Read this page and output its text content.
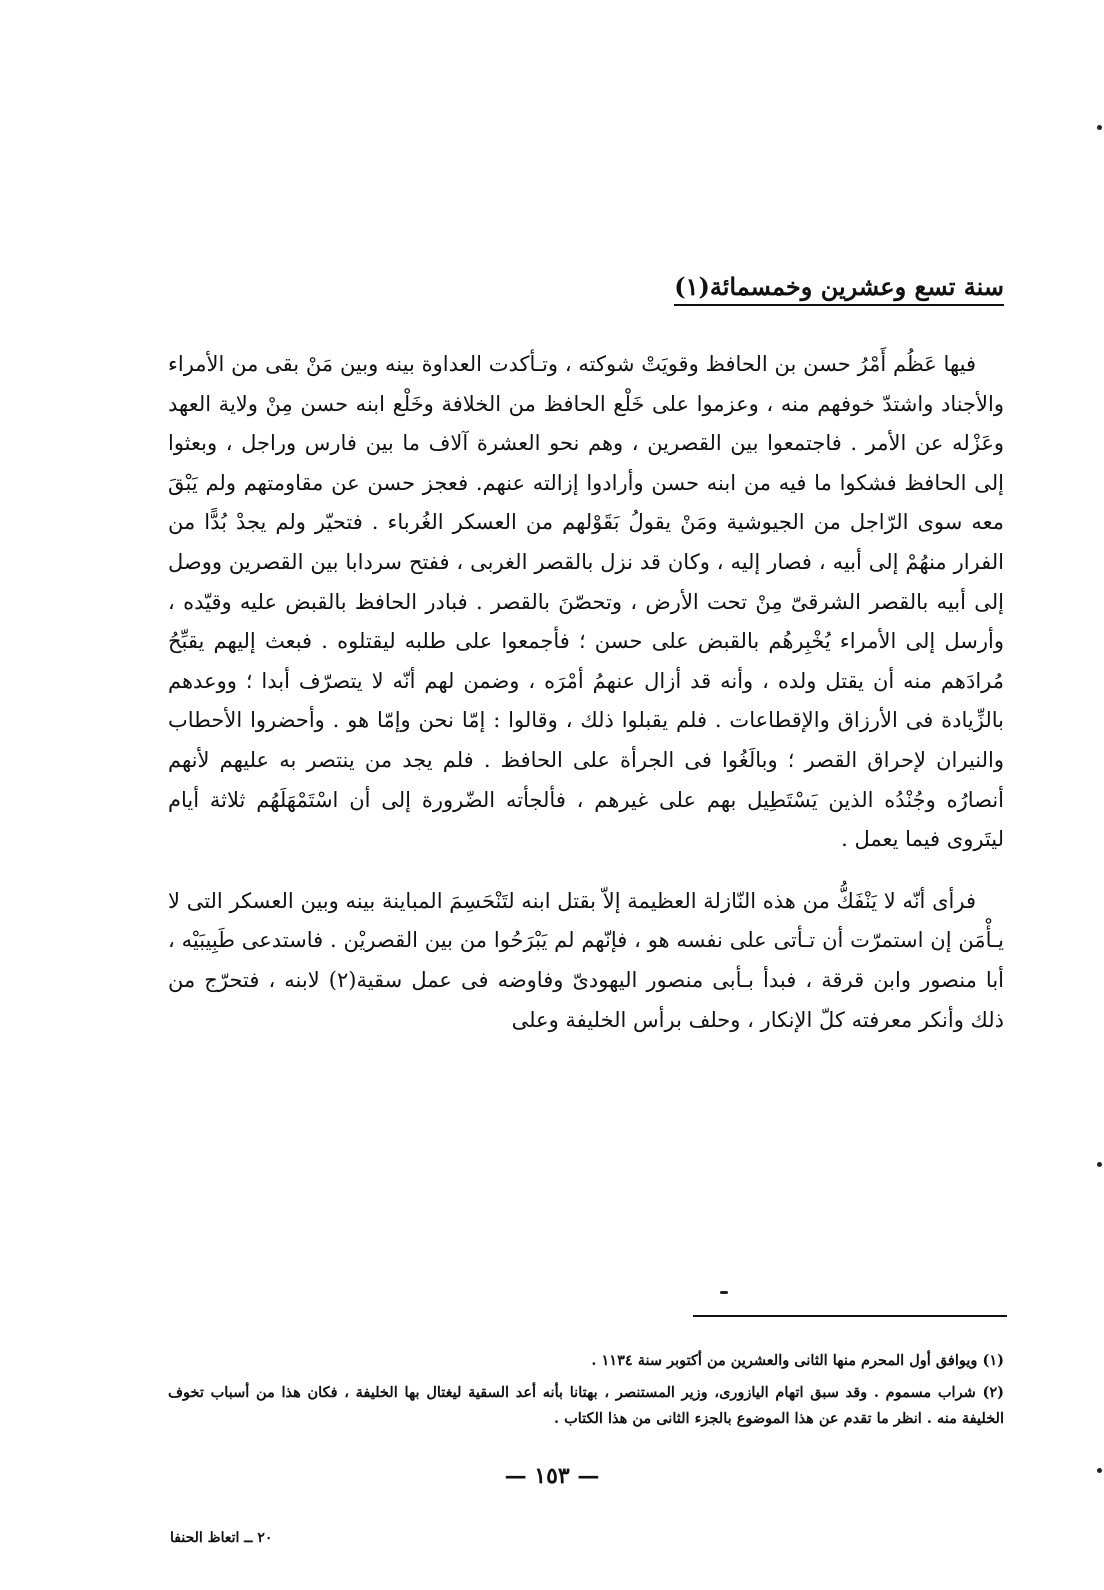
سنة تسع وعشرين وخمسمائة(١)

فيها عَظُم أَمْرُ حسن بن الحافظ وقويَتْ شوكته ، وتـأكدت العداوة بينه وبين مَنْ بقى من الأمراء والأجناد واشتدّ خوفهم منه ، وعزموا على خَلْع الحافظ من الخلافة وخَلْع ابنه حسن مِنْ ولاية العهد وعَزْله عن الأمر . فاجتمعوا بين القصرين ، وهم نحو العشرة آلاف ما بين فارس وراجل ، وبعثوا إلى الحافظ فشكوا ما فيه من ابنه حسن وأرادوا إزالته عنهم. فعجز حسن عن مقاومتهم ولم يَبْقَ معه سوى الرّاجل من الجيوشية ومَنْ يقولُ بَقَوْلهم من العسكر الغُرباء . فتحيّر ولم يجدْ بُدًّا من الفرار منهُمْ إلى أبيه ، فصار إليه ، وكان قد نزل بالقصر الغربى ، ففتح سردابا بين القصرين ووصل إلى أبيه بالقصر الشرقىّ مِنْ تحت الأرض ، وتحصّنَ بالقصر . فبادر الحافظ بالقبض عليه وقيّده ، وأرسل إلى الأمراء يُخْبِرهُم بالقبض على حسن ؛ فأجمعوا على طلبه ليقتلوه . فبعث إليهم يقبِّحُ مُرادَهم منه أن يقتل ولده ، وأنه قد أزال عنهمُ أمْرَه ، وضمن لهم أنّه لا يتصرّف أبدا ؛ ووعدهم بالزِّيادة فى الأرزاق والإقطاعات . فلم يقبلوا ذلك ، وقالوا : إمّا نحن وإمّا هو . وأحضروا الأحطاب والنيران لإحراق القصر ؛ وبالَغُوا فى الجرأة على الحافظ . فلم يجد من ينتصر به عليهم لأنهم أنصارُه وجُنْدُه الذين يَسْتَطِيل بهم على غيرهم ، فألجأته الضّرورة إلى أن اسْتَمْهَلَهُم ثلاثة أيام ليتَروى فيما يعمل .

فرأى أنّه لا يَنْفَكُّ من هذه النّازلة العظيمة إلاّ بقتل ابنه لتَنْحَسِمَ المباينة بينه وبين العسكر التى لا يـأْمَن إن استمرّت أن تـأتى على نفسه هو ، فإنّهم لم يَبْرَحُوا من بين القصريْن . فاستدعى طَبِيبَيْه ، أبا منصور وابن قرقة ، فبدأ بـأبى منصور اليهودىّ وفاوضه فى عمل سقية(٢) لابنه ، فتحرّج من ذلك وأنكر معرفته كلّ الإنكار ، وحلف برأس الخليفة وعلى

(١) ويوافق أول المحرم منها الثانى والعشرين من أكتوبر سنة ١١٣٤ .

(٢) شراب مسموم . وقد سبق اتهام اليازورى، وزير المستنصر ، بهتانا بأنه أعد السقية ليغتال بها الخليفة ، فكان هذا من أسباب تخوف الخليفة منه . انظر ما تقدم عن هذا الموضوع بالجزء الثانى من هذا الكتاب .

— ١٥٣ —
٢٠ ــ اتعاظ الحنفا
